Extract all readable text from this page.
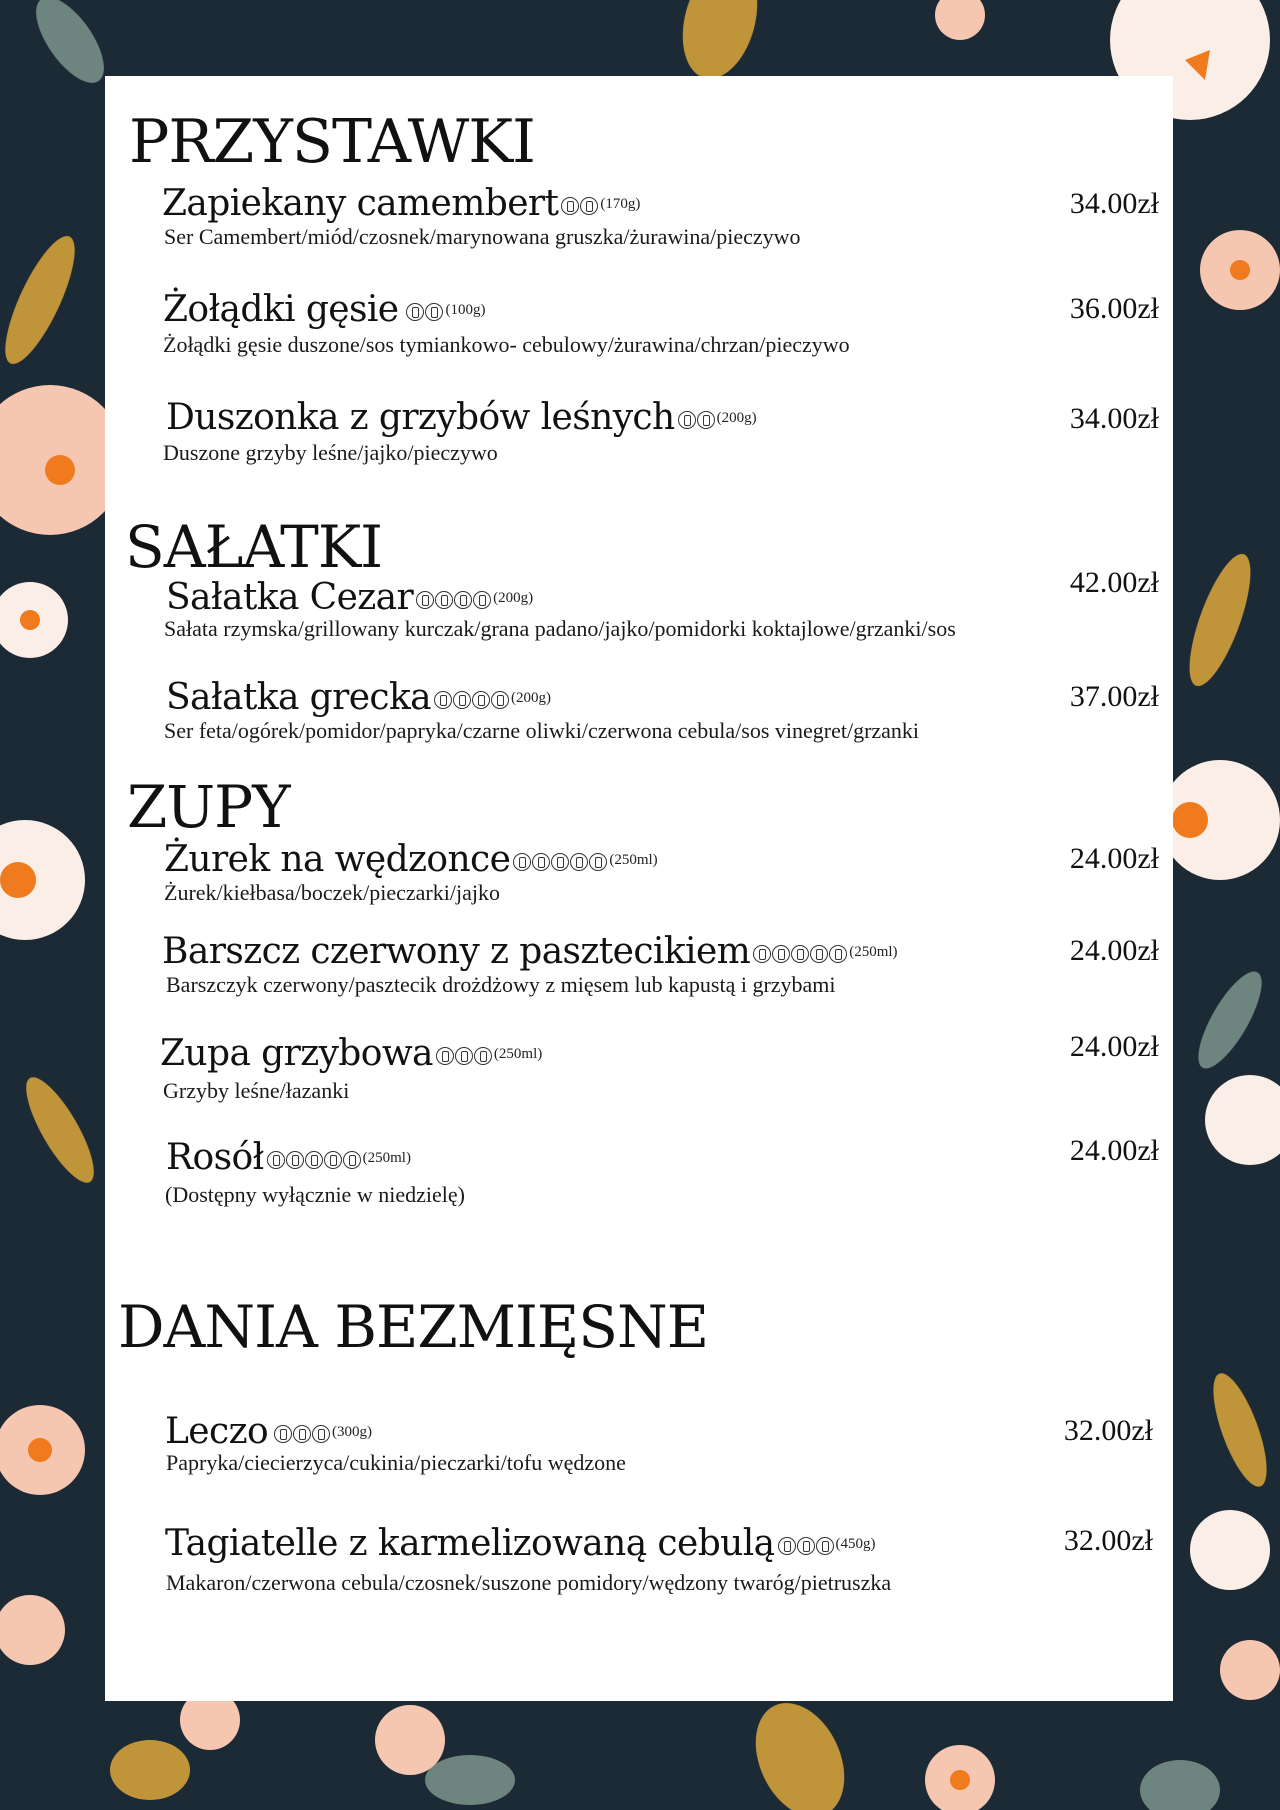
PRZYSTAWKI
Zapiekany camembert	(170g)	34.00zł
Ser Camembert/miód/czosnek/marynowana gruszka/żurawina/pieczywo
Żołądki gęsie	(100g)	36.00zł
Żołądki gęsie duszone/sos tymiankowo- cebulowy/żurawina/chrzan/pieczywo
Duszonka z grzybów leśnych	(200g)	34.00zł
Duszone grzyby leśne/jajko/pieczywo
SAŁATKI
Sałatka Cezar	(200g)	42.00zł
Sałata rzymska/grillowany kurczak/grana padano/jajko/pomidorki koktajlowe/grzanki/sos
Sałatka grecka	(200g)	37.00zł
Ser feta/ogórek/pomidor/papryka/czarne oliwki/czerwona cebula/sos vinegret/grzanki
ZUPY
Żurek na wędzonce	(250ml)	24.00zł
Żurek/kiełbasa/boczek/pieczarki/jajko
Barszcz czerwony z pasztecikiem	(250ml)	24.00zł
Barszczyk czerwony/pasztecik drożdżowy z mięsem lub kapustą i grzybami
Zupa grzybowa	(250ml)	24.00zł
Grzyby leśne/łazanki
Rosół	(250ml)	24.00zł
(Dostępny wyłącznie w niedzielę)
DANIA BEZMIĘSNE
Leczo	(300g)	32.00zł
Papryka/ciecierzyca/cukinia/pieczarki/tofu wędzone
Tagiatelle z karmelizowaną cebulą	(450g)	32.00zł
Makaron/czerwona cebula/czosnek/suszone pomidory/wędzony twaróg/pietruszka
